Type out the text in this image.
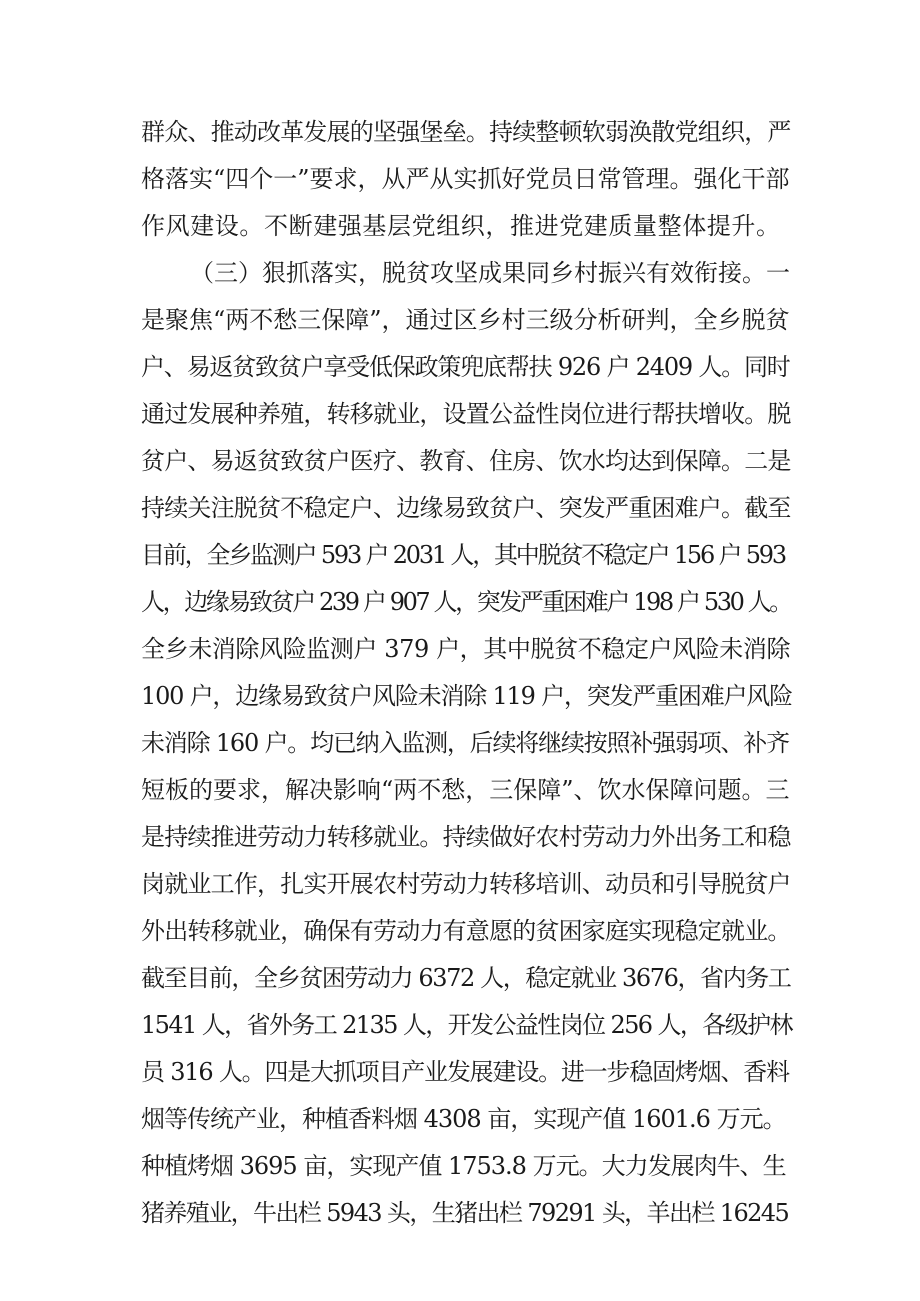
群众、推动改革发展的坚强堡垒。持续整顿软弱涣散党组织，严
格落实“四个一”要求，从严从实抓好党员日常管理。强化干部
作风建设。不断建强基层党组织，推进党建质量整体提升。
（三）狠抓落实，脱贫攻坚成果同乡村振兴有效衔接。一
是聚焦“两不愁三保障”，通过区乡村三级分析研判，全乡脱贫
户、易返贫致贫户享受低保政策兜底帮扶 926 户 2409 人。同时
通过发展种养殖，转移就业，设置公益性岗位进行帮扶增收。脱
贫户、易返贫致贫户医疗、教育、住房、饮水均达到保障。二是
持续关注脱贫不稳定户、边缘易致贫户、突发严重困难户。截至
目前，全乡监测户 593 户 2031 人，其中脱贫不稳定户 156 户 593
人，边缘易致贫户 239 户 907 人，突发严重困难户 198 户 530 人。
全乡未消除风险监测户 379 户，其中脱贫不稳定户风险未消除
100 户，边缘易致贫户风险未消除 119 户，突发严重困难户风险
未消除 160 户。均已纳入监测，后续将继续按照补强弱项、补齐
短板的要求，解决影响“两不愁，三保障”、饮水保障问题。三
是持续推进劳动力转移就业。持续做好农村劳动力外出务工和稳
岗就业工作，扎实开展农村劳动力转移培训、动员和引导脱贫户
外出转移就业，确保有劳动力有意愿的贫困家庭实现稳定就业。
截至目前，全乡贫困劳动力 6372 人，稳定就业 3676，省内务工
1541 人，省外务工 2135 人，开发公益性岗位 256 人，各级护林
员 316 人。四是大抓项目产业发展建设。进一步稳固烤烟、香料
烟等传统产业，种植香料烟 4308 亩，实现产值 1601.6 万元。
种植烤烟 3695 亩，实现产值 1753.8 万元。大力发展肉牛、生
猪养殖业，牛出栏 5943 头，生猪出栏 79291 头，羊出栏 16245
